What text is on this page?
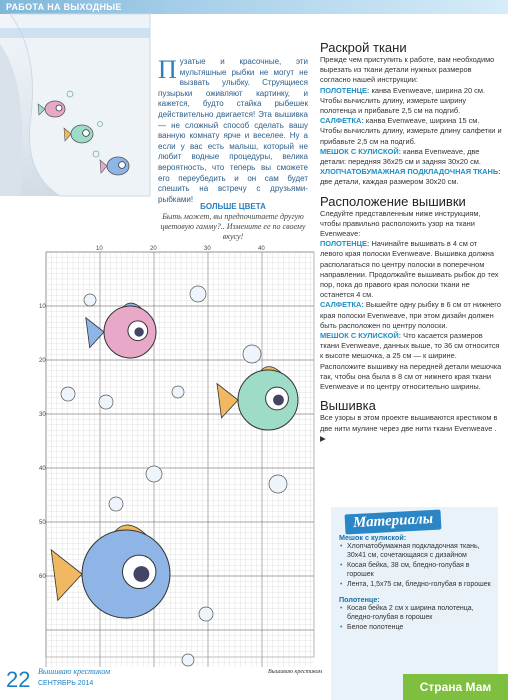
РАБОТА НА ВЫХОДНЫЕ
Пузатые и красочные, эти мультяшные рыбки не могут не вызвать улыбку. Струящиеся пузырьки оживляют картинку, и кажется, будто стайка рыбешек действительно двигается! Эта вышивка — не сложный способ сделать вашу ванную комнату ярче и веселее. Ну а если у вас есть малыш, который не любит водные процедуры, велика вероятность, что теперь вы сможете его переубедить и он сам будет спешить на встречу с друзьями-рыбками!
БОЛЬШЕ ЦВЕТА
Быть может, вы предпочитаете другую цветовую гамму?.. Измените ее по своему вкусу!
Раскрой ткани

Прежде чем приступить к работе, вам необходимо вырезать из ткани детали нужных размеров согласно нашей инструкции:

ПОЛОТЕНЦЕ: канва Evenweave, ширина 20 см. Чтобы вычислить длину, измерьте ширину полотенца и прибавьте 2,5 см на подгиб.

САЛФЕТКА: канва Evenweave, ширина 15 см. Чтобы вычислить длину, измерьте длину салфетки и прибавьте 2,5 см на подгиб.

МЕШОК С КУЛИСКОЙ: канва Evenweave, две детали: передняя 36x25 см и задняя 30x20 см.

ХЛОПЧАТОБУМАЖНАЯ ПОДКЛАДОЧНАЯ ТКАНЬ: две детали, каждая размером 30x20 см.

Расположение вышивки

Следуйте представленным ниже инструкциям, чтобы правильно расположить узор на ткани Evenweave:

ПОЛОТЕНЦЕ: Начинайте вышивать в 4 см от левого края полоски Evenweave. Вышивка должна располагаться по центру полоски в поперечном направлении. Продолжайте вышивать рыбок до тех пор, пока до правого края полоски ткани не останется 4 см.

САЛФЕТКА: Вышейте одну рыбку в 6 см от нижнего края полоски Evenweave, при этом дизайн должен быть расположен по центру полоски.

МЕШОК С КУЛИСКОЙ: Что касается размеров ткани Evenweave, данных выше, то 36 см относится к высоте мешочка, а 25 см — к ширине. Расположите вышивку на передней детали мешочка так, чтобы она была в 8 см от нижнего края ткани Evenweave и по центру относительно ширины.

Вышивка

Все узоры в этом проекте вышиваются крестиком в две нити мулине через две нити ткани Evenweave . ▶

Мешок с кулиской:
• Хлопчатобумажная подкладочная ткань, 30x41 см, сочетающаяся с дизайном
• Косая бейка, 38 см, бледно-голубая в горошек
• Лента, 1,5x75 см, бледно-голубая в горошек
Полотенце:
• Косая бейка 2 см x ширина полотенца, бледно-голубая в горошек
• Белое полотенце
Материалы
10	20	30	40
10
20
30
40
50
60
Вышиваю крестиком
22 Вышиваю крестиком
СЕНТЯБРЬ 2014	Страна Мам
